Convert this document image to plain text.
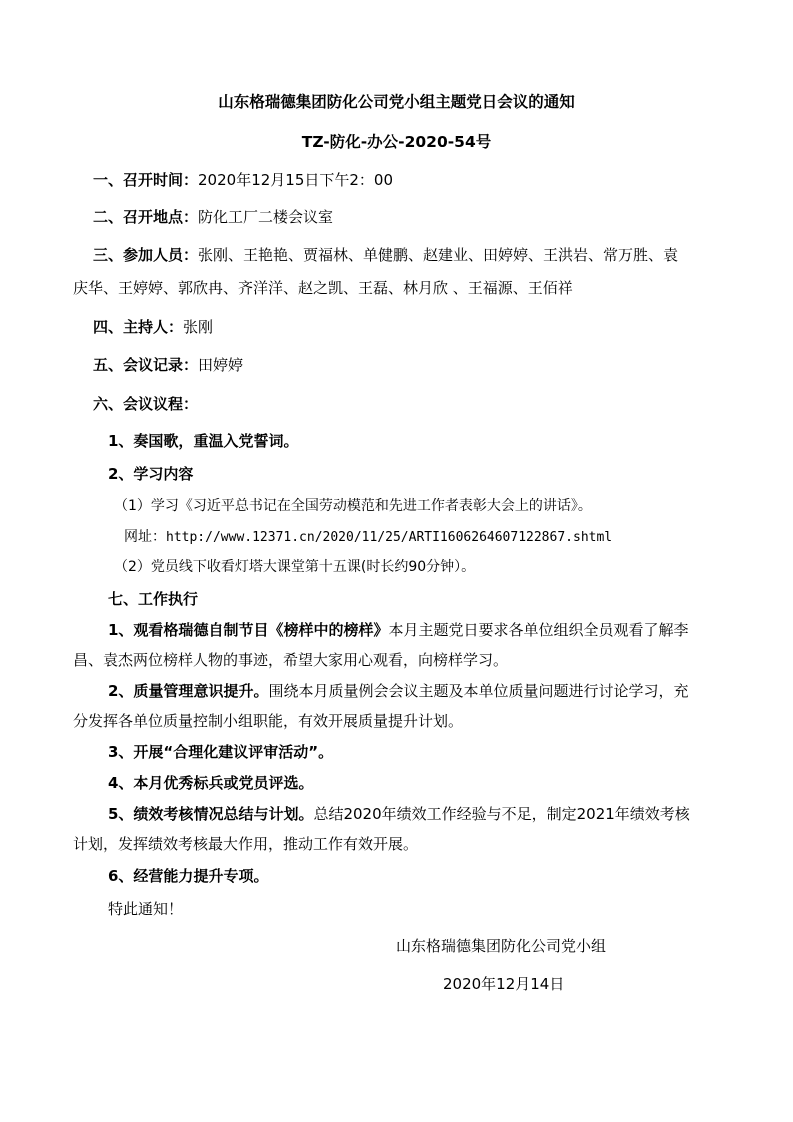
山东格瑞德集团防化公司党小组主题党日会议的通知
TZ-防化-办公-2020-54号
一、召开时间：2020年12月15日下午2：00
二、召开地点：防化工厂二楼会议室
三、参加人员：张刚、王艳艳、贾福林、单健鹏、赵建业、田婷婷、王洪岩、常万胜、袁
庆华、王婷婷、郭欣冉、齐洋洋、赵之凯、王磊、林月欣 、王福源、王佰祥
四、主持人：张刚
五、会议记录：田婷婷
六、会议议程：
1、奏国歌，重温入党誓词。
2、学习内容
（1）学习《习近平总书记在全国劳动模范和先进工作者表彰大会上的讲话》。
网址：http://www.12371.cn/2020/11/25/ARTI1606264607122867.shtml
（2）党员线下收看灯塔大课堂第十五课(时长约90分钟）。
七、工作执行
1、观看格瑞德自制节目《榜样中的榜样》本月主题党日要求各单位组织全员观看了解李
昌、袁杰两位榜样人物的事迹，希望大家用心观看，向榜样学习。
2、质量管理意识提升。围绕本月质量例会会议主题及本单位质量问题进行讨论学习，充
分发挥各单位质量控制小组职能，有效开展质量提升计划。
3、开展“合理化建议评审活动”。
4、本月优秀标兵或党员评选。
5、绩效考核情况总结与计划。总结2020年绩效工作经验与不足，制定2021年绩效考核
计划，发挥绩效考核最大作用，推动工作有效开展。
6、经营能力提升专项。
特此通知！
山东格瑞德集团防化公司党小组
2020年12月14日
